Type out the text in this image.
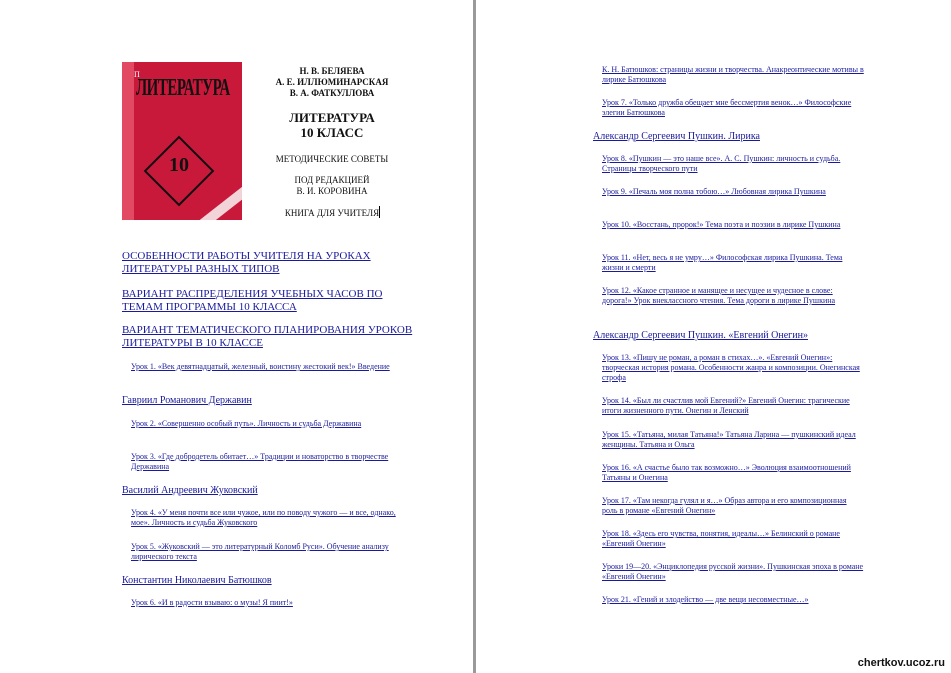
П
ЛИТЕРАТУРА
10
Н. В. БЕЛЯЕВА
А. Е. ИЛЛЮМИНАРСКАЯ
В. А. ФАТКУЛЛОВА
ЛИТЕРАТУРА
10 КЛАСС
МЕТОДИЧЕСКИЕ СОВЕТЫ
ПОД РЕДАКЦИЕЙ
В. И. КОРОВИНА
КНИГА ДЛЯ УЧИТЕЛЯ
ОСОБЕННОСТИ РАБОТЫ УЧИТЕЛЯ НА УРОКАХ ЛИТЕРАТУРЫ РАЗНЫХ ТИПОВ
ВАРИАНТ РАСПРЕДЕЛЕНИЯ УЧЕБНЫХ ЧАСОВ ПО ТЕМАМ ПРОГРАММЫ 10 КЛАССА
ВАРИАНТ ТЕМАТИЧЕСКОГО ПЛАНИРОВАНИЯ УРОКОВ ЛИТЕРАТУРЫ В 10 КЛАССЕ
Урок 1. «Век девятнадцатый, железный, воистину жестокий век!» Введение
Гавриил Романович Державин
Урок 2. «Совершенно особый путь». Личность и судьба Державина
Урок 3. «Где добродетель обитает…» Традиции и новаторство в творчестве Державина
Василий Андреевич Жуковский
Урок 4. «У меня почти все или чужое, или по поводу чужого — и все, однако, мое». Личность и судьба Жуковского
Урок 5. «Жуковский — это литературный Коломб Руси». Обучение анализу лирического текста
Константин Николаевич Батюшков
Урок 6. «И в радости взываю: о музы! Я пиит!»
К. Н. Батюшков: страницы жизни и творчества. Анакреонтические мотивы в лирике Батюшкова
Урок 7. «Только дружба обещает мне бессмертия венок…» Философские элегии Батюшкова
Александр Сергеевич Пушкин. Лирика
Урок 8. «Пушкин — это наше все». А. С. Пушкин: личность и судьба. Страницы творческого пути
Урок 9. «Печаль моя полна тобою…» Любовная лирика Пушкина
Урок 10. «Восстань, пророк!» Тема поэта и поэзии в лирике Пушкина
Урок 11. «Нет, весь я не умру…» Философская лирика Пушкина. Тема жизни и смерти
Урок 12. «Какое странное и манящее и несущее и чудесное в слове: дорога!» Урок внеклассного чтения. Тема дороги в лирике Пушкина
Александр Сергеевич Пушкин. «Евгений Онегин»
Урок 13. «Пишу не роман, а роман в стихах…». «Евгений Онегин»: творческая история романа. Особенности жанра и композиции. Онегинская строфа
Урок 14. «Был ли счастлив мой Евгений?» Евгений Онегин: трагические итоги жизненного пути. Онегин и Ленский
Урок 15. «Татьяна, милая Татьяна!» Татьяна Ларина — пушкинский идеал женщины. Татьяна и Ольга
Урок 16. «А счастье было так возможно…» Эволюция взаимоотношений Татьяны и Онегина
Урок 17. «Там некогда гулял и я…» Образ автора и его композиционная роль в романе «Евгений Онегин»
Урок 18. «Здесь его чувства, понятия, идеалы…» Белинский о романе «Евгений Онегин»
Уроки 19—20. «Энциклопедия русской жизни». Пушкинская эпоха в романе «Евгений Онегин»
Урок 21. «Гений и злодейство — две вещи несовместные…»
chertkov.ucoz.ru
